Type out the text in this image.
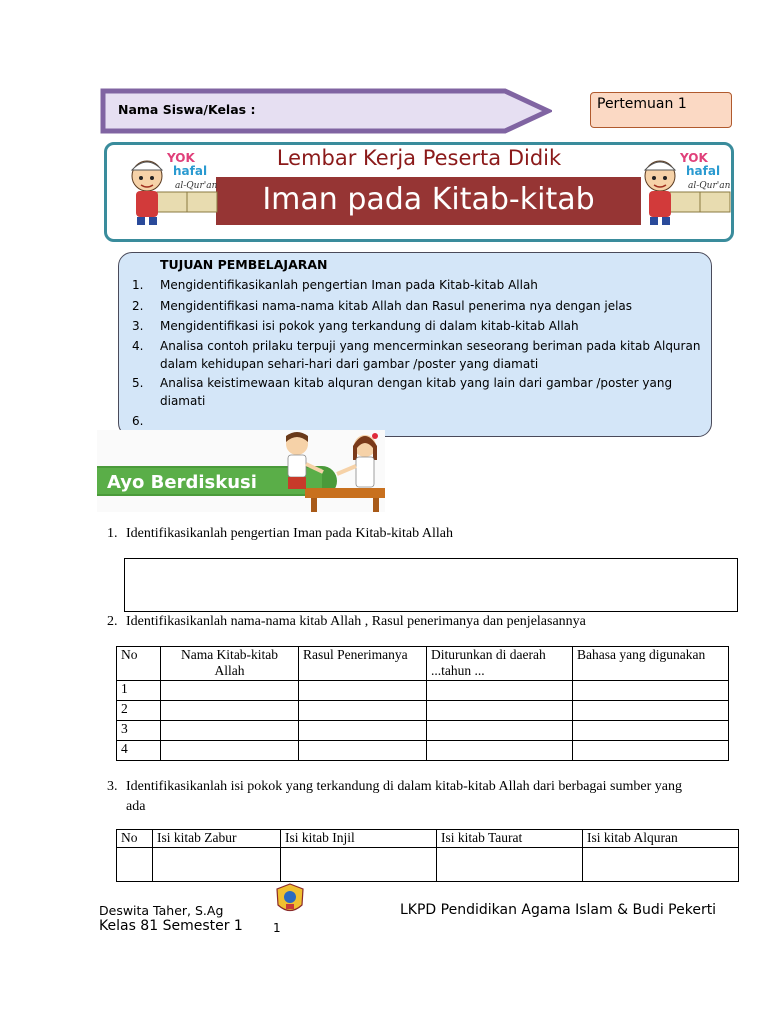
Nama Siswa/Kelas :	Pertemuan 1
Lembar Kerja Peserta Didik
Iman pada Kitab-kitab
YOK
hafal
al-Qur'an
YOK
hafal
al-Qur'an
TUJUAN PEMBELAJARAN
1.	Mengidentifikasikanlah pengertian Iman pada Kitab-kitab Allah
2.	Mengidentifikasi nama-nama kitab Allah dan Rasul penerima nya dengan jelas
3.	Mengidentifikasi isi pokok yang terkandung di dalam kitab-kitab Allah
4.	Analisa contoh prilaku terpuji yang mencerminkan seseorang beriman pada kitab Alquran dalam kehidupan sehari-hari dari gambar /poster yang diamati
5.	Analisa keistimewaan kitab alquran dengan kitab yang lain dari gambar /poster yang diamati
6.
Ayo Berdiskusi
1. Identifikasikanlah pengertian Iman pada Kitab-kitab Allah
2. Identifikasikanlah nama-nama kitab Allah , Rasul penerimanya dan penjelasannya
No	Nama Kitab-kitab Allah	Rasul Penerimanya	Diturunkan di daerah ...tahun ...	Bahasa yang digunakan
1				
2				
3				
4				
3. Identifikasikanlah isi pokok yang terkandung di dalam kitab-kitab Allah dari berbagai sumber yang
ada
No	Isi kitab Zabur	Isi kitab Injil	Isi kitab Taurat	Isi kitab Alquran

Deswita Taher, S.Ag
Kelas 81 Semester 1	1
LKPD Pendidikan Agama Islam & Budi Pekerti
